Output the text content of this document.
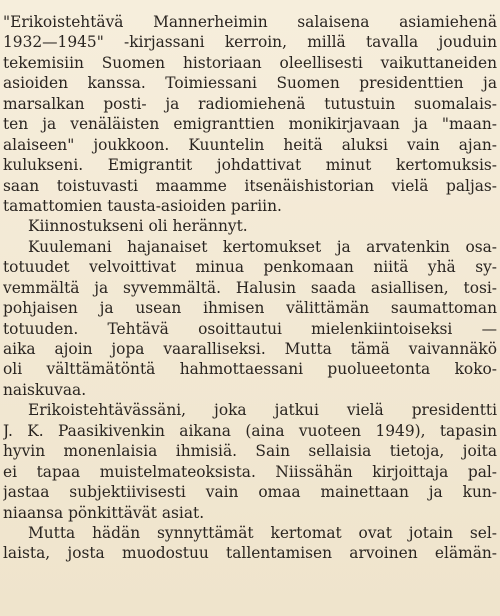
"Erikoistehtävä Mannerheimin salaisena asiamiehenä
1932—1945" -kirjassani kerroin, millä tavalla jouduin
tekemisiin Suomen historiaan oleellisesti vaikuttaneiden
asioiden kanssa. Toimiessani Suomen presidenttien ja
marsalkan posti- ja radiomiehenä tutustuin suomalais-
ten ja venäläisten emigranttien monikirjavaan ja "maan-
alaiseen" joukkoon. Kuuntelin heitä aluksi vain ajan-
kulukseni. Emigrantit johdattivat minut kertomuksis-
saan toistuvasti maamme itsenäishistorian vielä paljas-
tamattomien tausta-asioiden pariin.
Kiinnostukseni oli herännyt.
Kuulemani hajanaiset kertomukset ja arvatenkin osa-
totuudet velvoittivat minua penkomaan niitä yhä sy-
vemmältä ja syvemmältä. Halusin saada asiallisen, tosi-
pohjaisen ja usean ihmisen välittämän saumattoman
totuuden. Tehtävä osoittautui mielenkiintoiseksi —
aika ajoin jopa vaaralliseksi. Mutta tämä vaivannäkö
oli välttämätöntä hahmottaessani puolueetonta koko-
naiskuvaa.
Erikoistehtävässäni, joka jatkui vielä presidentti
J. K. Paasikivenkin aikana (aina vuoteen 1949), tapasin
hyvin monenlaisia ihmisiä. Sain sellaisia tietoja, joita
ei tapaa muistelmateoksista. Niissähän kirjoittaja pal-
jastaa subjektiivisesti vain omaa mainettaan ja kun-
niaansa pönkittävät asiat.
Mutta hädän synnyttämät kertomat ovat jotain sel-
laista, josta muodostuu tallentamisen arvoinen elämän-
